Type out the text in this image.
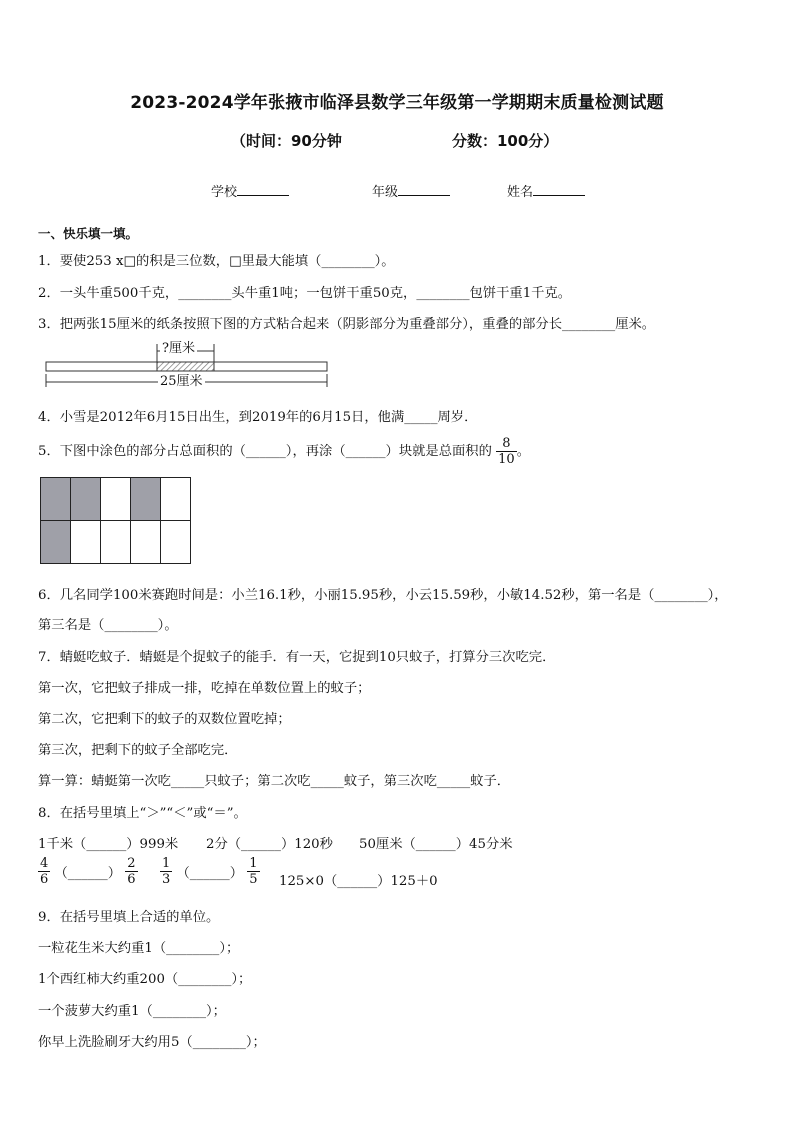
2023-2024学年张掖市临泽县数学三年级第一学期期末质量检测试题
（时间：90分钟	分数：100分）
学校	年级	姓名
一、快乐填一填。
1．要使253 x□的积是三位数，□里最大能填（________）。
2．一头牛重500千克，________头牛重1吨；一包饼干重50克，________包饼干重1千克。
3．把两张15厘米的纸条按照下图的方式粘合起来（阴影部分为重叠部分），重叠的部分长________厘米。
?厘米
25厘米
4．小雪是2012年6月15日出生，到2019年的6月15日，他满_____周岁．
5．下图中涂色的部分占总面积的（______），再涂（______）块就是总面积的 $\frac{8}{10}$ 。

6．几名同学100米赛跑时间是：小兰16.1秒，小丽15.95秒，小云15.59秒，小敏14.52秒，第一名是（________），
第三名是（________）。
7．蜻蜓吃蚊子．蜻蜓是个捉蚊子的能手．有一天，它捉到10只蚊子，打算分三次吃完．
第一次，它把蚊子排成一排，吃掉在单数位置上的蚊子；
第二次，它把剩下的蚊子的双数位置吃掉；
第三次，把剩下的蚊子全部吃完．
算一算：蜻蜓第一次吃_____只蚊子；第二次吃_____蚊子，第三次吃_____蚊子．
8．在括号里填上“＞”“＜”或“＝”。
1千米（______）999米 2分（______）120秒 50厘米（______）45分米
$\frac{4}{6}$ （______） $\frac{2}{6} \frac{1}{3}$ （______） $\frac{1}{5}$ 125×0（______）125＋0
9．在括号里填上合适的单位。
一粒花生米大约重1（________）；
1个西红柿大约重200（________）；
一个菠萝大约重1（________）；
你早上洗脸刷牙大约用5（________）；
